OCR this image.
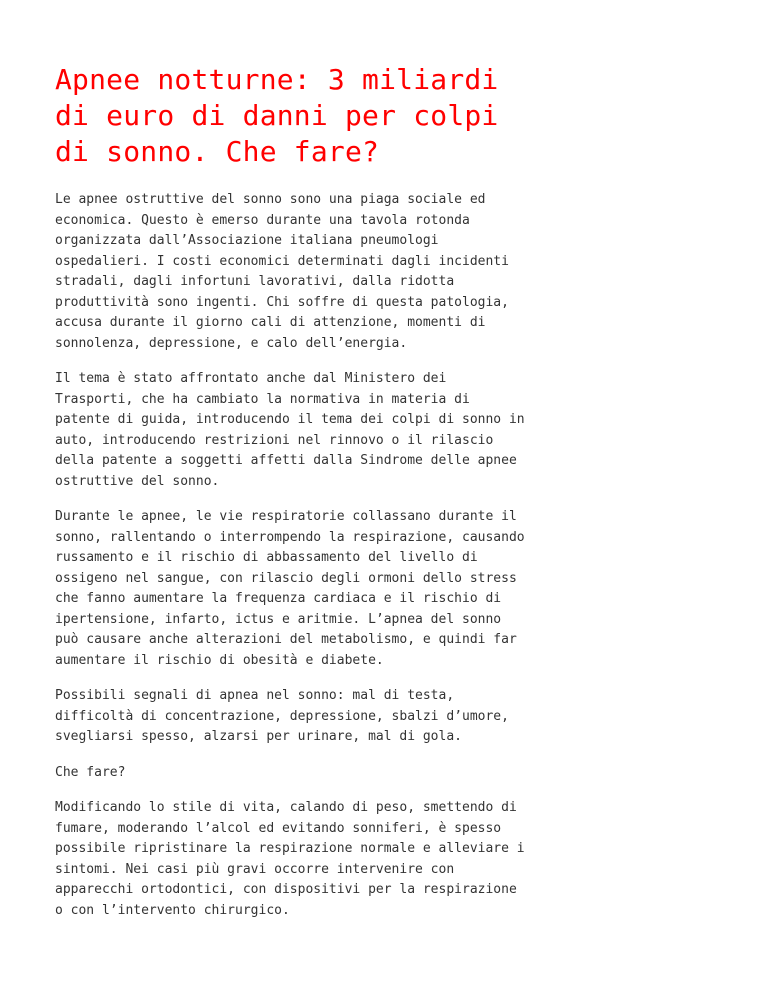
Apnee notturne: 3 miliardi di euro di danni per colpi di sonno. Che fare?

Le apnee ostruttive del sonno sono una piaga sociale ed economica. Questo è emerso durante una tavola rotonda organizzata dall’Associazione italiana pneumologi ospedalieri. I costi economici determinati dagli incidenti stradali, dagli infortuni lavorativi, dalla ridotta produttività sono ingenti. Chi soffre di questa patologia, accusa durante il giorno cali di attenzione, momenti di sonnolenza, depressione, e calo dell’energia.

Il tema è stato affrontato anche dal Ministero dei Trasporti, che ha cambiato la normativa in materia di patente di guida, introducendo il tema dei colpi di sonno in auto, introducendo restrizioni nel rinnovo o il rilascio della patente a soggetti affetti dalla Sindrome delle apnee ostruttive del sonno.

Durante le apnee, le vie respiratorie collassano durante il sonno, rallentando o interrompendo la respirazione, causando russamento e il rischio di abbassamento del livello di ossigeno nel sangue, con rilascio degli ormoni dello stress che fanno aumentare la frequenza cardiaca e il rischio di ipertensione, infarto, ictus e aritmie. L’apnea del sonno può causare anche alterazioni del metabolismo, e quindi far aumentare il rischio di obesità e diabete.

Possibili segnali di apnea nel sonno: mal di testa, difficoltà di concentrazione, depressione, sbalzi d’umore, svegliarsi spesso, alzarsi per urinare, mal di gola.

Che fare?

Modificando lo stile di vita, calando di peso, smettendo di fumare, moderando l’alcol ed evitando sonniferi, è spesso possibile ripristinare la respirazione normale e alleviare i sintomi. Nei casi più gravi occorre intervenire con apparecchi ortodontici, con dispositivi per la respirazione o con l’intervento chirurgico.
